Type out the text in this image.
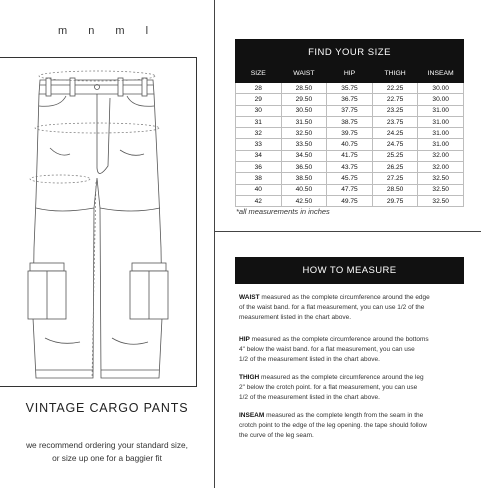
m n m l
VINTAGE CARGO PANTS
we recommend ordering your standard size,
or size up one for a baggier fit
FIND YOUR SIZE				
SIZE	WAIST	HIP	THIGH	INSEAM
28	28.50	35.75	22.25	30.00
29	29.50	36.75	22.75	30.00
30	30.50	37.75	23.25	31.00
31	31.50	38.75	23.75	31.00
32	32.50	39.75	24.25	31.00
33	33.50	40.75	24.75	31.00
34	34.50	41.75	25.25	32.00
36	36.50	43.75	26.25	32.00
38	38.50	45.75	27.25	32.50
40	40.50	47.75	28.50	32.50
42	42.50	49.75	29.75	32.50
*all measurements in inches
HOW TO MEASURE
WAIST measured as the complete circumference around the edge
of the waist band. for a flat measurement, you can use 1/2 of the
measurement listed in the chart above.
HIP measured as the complete circumference around the bottoms
4" below the waist band. for a flat measurement, you can use
1/2 of the measurement listed in the chart above.
THIGH measured as the complete circumference around the leg
2" below the crotch point. for a flat measurement, you can use
1/2 of the measurement listed in the chart above.
INSEAM measured as the complete length from the seam in the
crotch point to the edge of the leg opening. the tape should follow
the curve of the leg seam.
